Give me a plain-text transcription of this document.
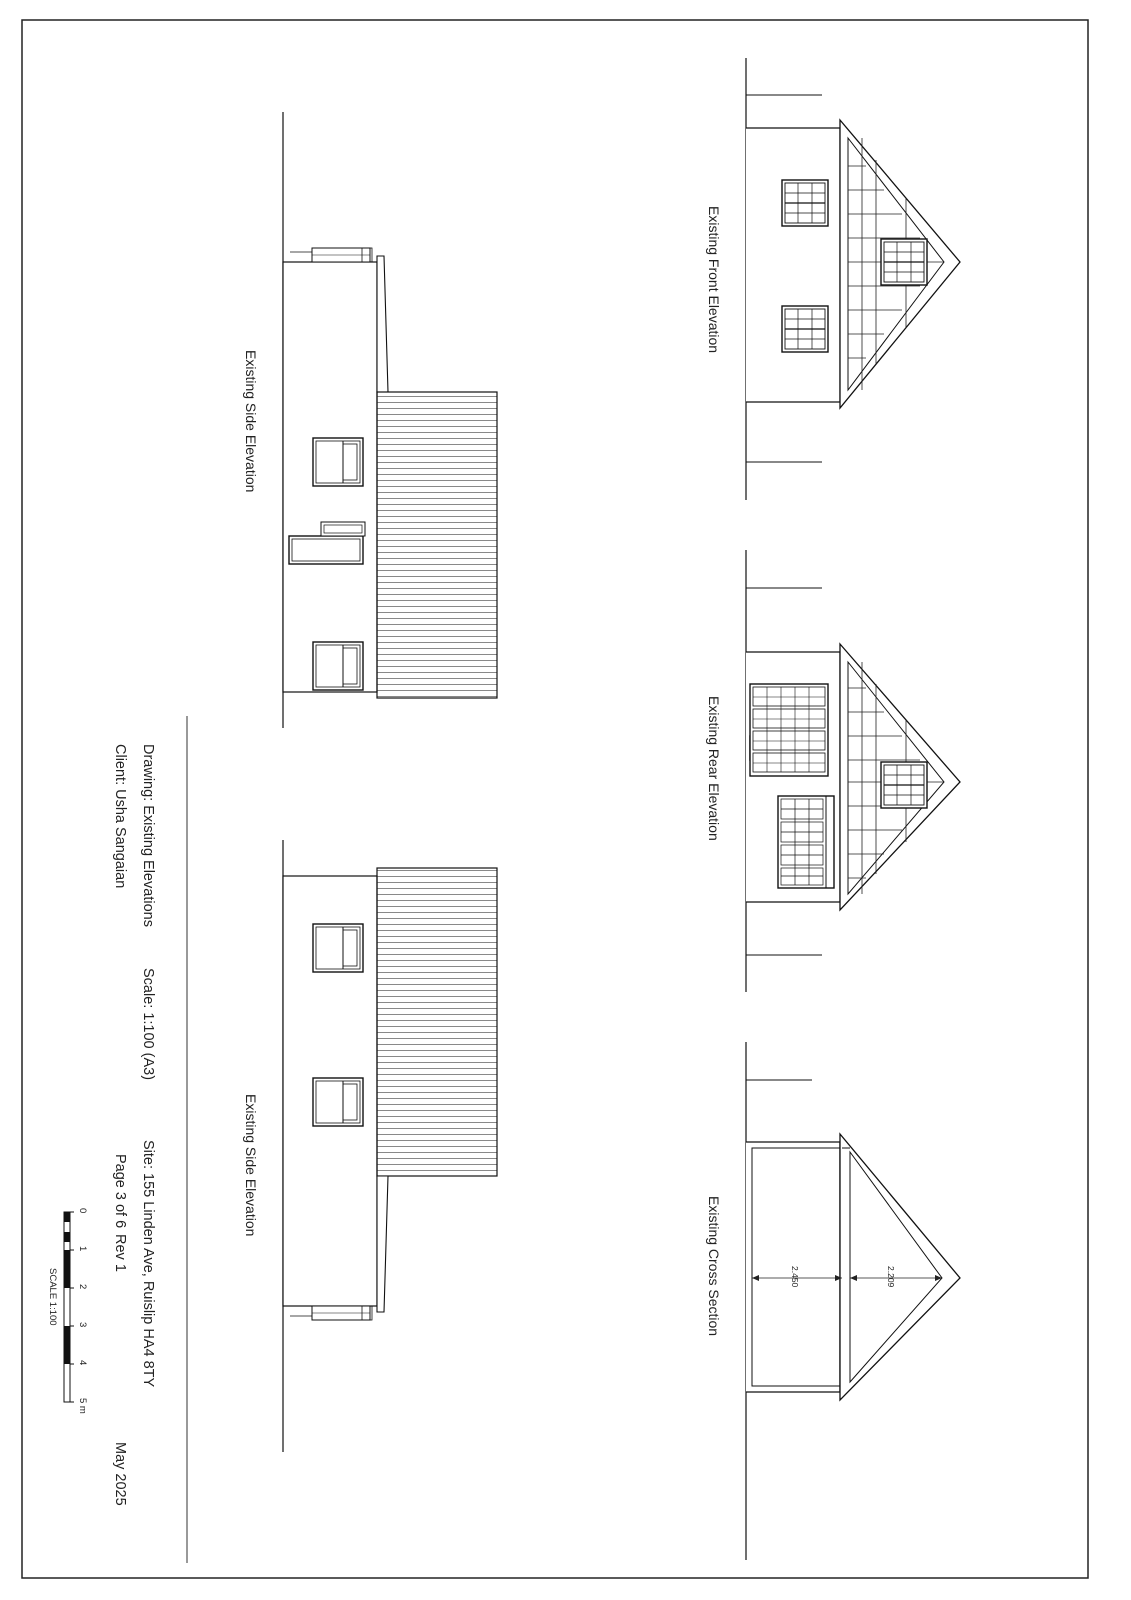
Existing Front Elevation
Existing Rear Elevation
Existing Cross Section
Existing Side Elevation
Existing Side Elevation
2.450	2.209
Drawing: Existing Elevations
Client: Usha Sangaian
Scale: 1:100 (A3)
Site: 155 Linden Ave, Ruislip HA4 8TY
Page 3 of 6
Rev 1
May 2025
0
1
2
3
4
5 m
SCALE 1:100
